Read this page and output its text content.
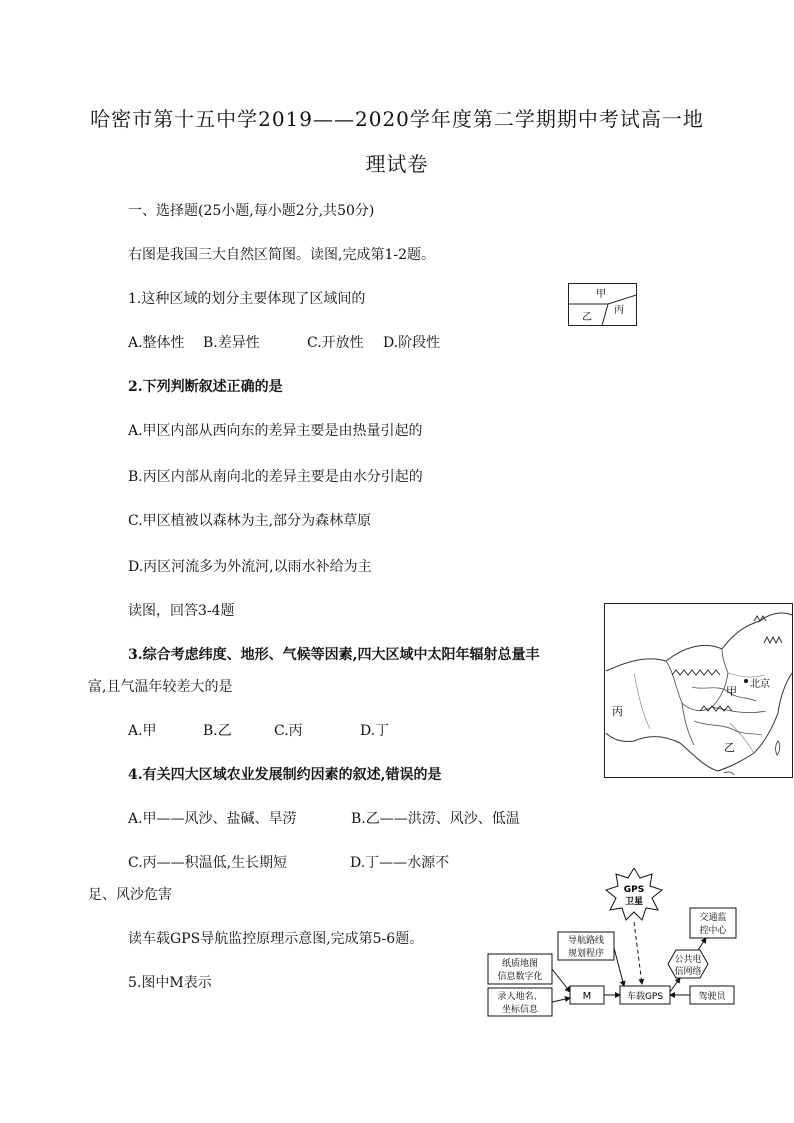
哈密市第十五中学2019——2020学年度第二学期期中考试高一地
理试卷
一、选择题(25小题,每小题2分,共50分)
右图是我国三大自然区简图。读图,完成第1-2题。
1.这种区域的划分主要体现了区域间的
A.整体性 B.差异性	C.开放性 D.阶段性
甲
乙
丙
2.下列判断叙述正确的是
A.甲区内部从西向东的差异主要是由热量引起的
B.丙区内部从南向北的差异主要是由水分引起的
C.甲区植被以森林为主,部分为森林草原
D.丙区河流多为外流河,以雨水补给为主
读图，回答3-4题
北京
甲
乙
丙
3.综合考虑纬度、地形、气候等因素,四大区域中太阳年辐射总量丰
富,且气温年较差大的是
A.甲	B.乙	C.丙	D.丁
4.有关四大区域农业发展制约因素的叙述,错误的是
A.甲——风沙、盐碱、旱涝	B.乙——洪涝、风沙、低温
C.丙——积温低,生长期短	D.丁——水源不
足、风沙危害
读车载GPS导航监控原理示意图,完成第5-6题。
5.图中M表示
GPS
卫星
纸质地图
信息数字化
录人地名、
坐标信息
导航路线
规划程序
M	车载GPS	驾驶员
交通监
控中心
公共电
信网络
